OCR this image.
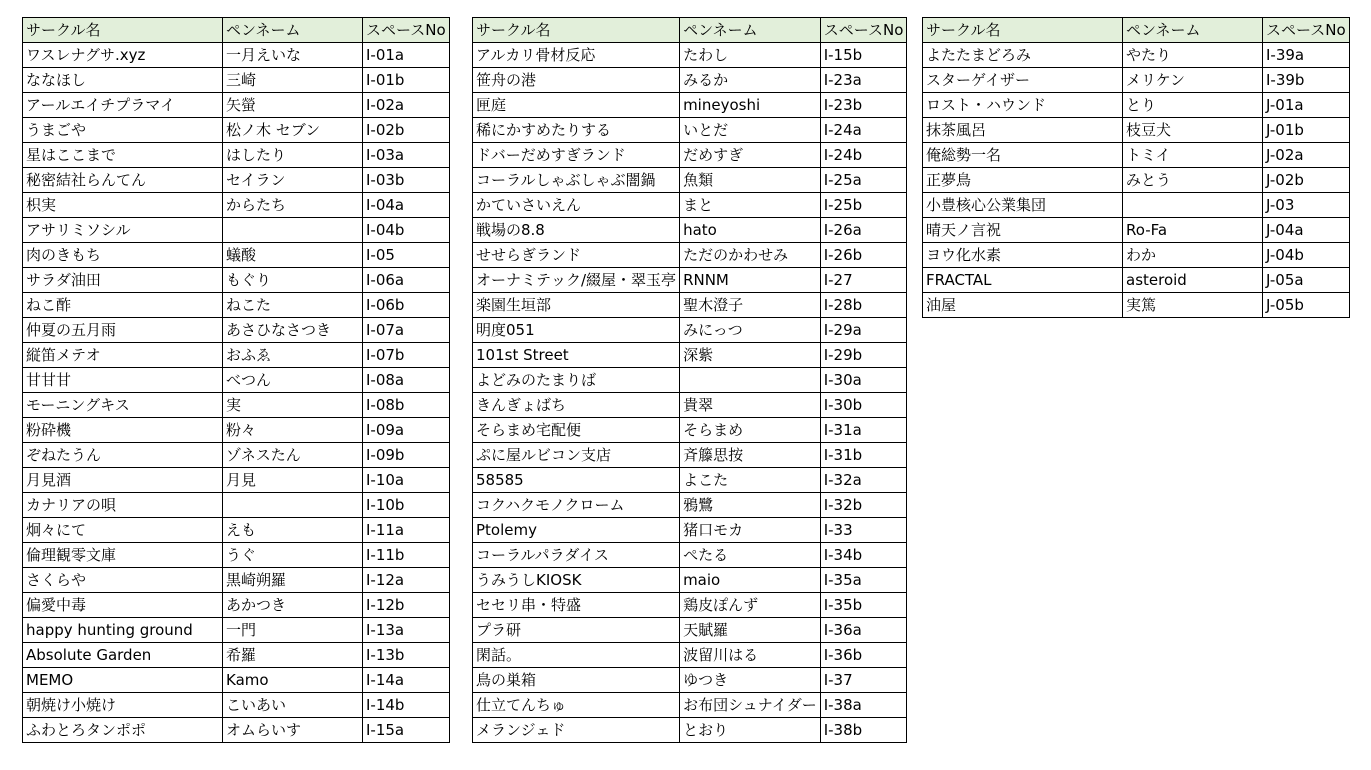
サークル名	ペンネーム	スペースNo
ワスレナグサ.xyz	一月えいな	I-01a
ななほし	三崎	I-01b
アールエイチプラマイ	矢螢	I-02a
うまごや	松ノ木 セブン	I-02b
星はここまで	はしたり	I-03a
秘密結社らんてん	セイラン	I-03b
枳実	からたち	I-04a
アサリミソシル		I-04b
肉のきもち	蟻酸	I-05
サラダ油田	もぐり	I-06a
ねこ酢	ねこた	I-06b
仲夏の五月雨	あさひなさつき	I-07a
縦笛メテオ	おふゑ	I-07b
甘甘甘	べつん	I-08a
モーニングキス	実	I-08b
粉砕機	粉々	I-09a
ぞねたうん	ゾネスたん	I-09b
月見酒	月見	I-10a
カナリアの唄		I-10b
炯々にて	えも	I-11a
倫理観零文庫	うぐ	I-11b
さくらや	黒崎朔羅	I-12a
偏愛中毒	あかつき	I-12b
happy hunting ground	一門	I-13a
Absolute Garden	希羅	I-13b
MEMO	Kamo	I-14a
朝焼け小焼け	こいあい	I-14b
ふわとろタンポポ	オムらいす	I-15a
サークル名	ペンネーム	スペースNo
アルカリ骨材反応	たわし	I-15b
笹舟の港	みるか	I-23a
匣庭	mineyoshi	I-23b
稀にかすめたりする	いとだ	I-24a
ドバーだめすぎランド	だめすぎ	I-24b
コーラルしゃぶしゃぶ闇鍋	魚類	I-25a
かていさいえん	まと	I-25b
戦場の8.8	hato	I-26a
せせらぎランド	ただのかわせみ	I-26b
オーナミテック/綴屋・翠玉亭	RNNM	I-27
楽園生垣部	聖木澄子	I-28b
明度051	みにっつ	I-29a
101st Street	深紫	I-29b
よどみのたまりば		I-30a
きんぎょばち	貴翠	I-30b
そらまめ宅配便	そらまめ	I-31a
ぷに屋ルビコン支店	斉籐思按	I-31b
58585	よこた	I-32a
コクハクモノクローム	鴉鷺	I-32b
Ptolemy	猪口モカ	I-33
コーラルパラダイス	ぺたる	I-34b
うみうしKIOSK	maio	I-35a
セセリ串・特盛	鶏皮ぽんず	I-35b
プラ研	天賦羅	I-36a
閑話。	波留川はる	I-36b
鳥の巣箱	ゆつき	I-37
仕立てんちゅ	お布団シュナイダー	I-38a
メランジェド	とおり	I-38b
サークル名	ペンネーム	スペースNo
よたたまどろみ	やたり	I-39a
スターゲイザー	メリケン	I-39b
ロスト・ハウンド	とり	J-01a
抹茶風呂	枝豆犬	J-01b
俺総勢一名	トミイ	J-02a
正夢鳥	みとう	J-02b
小豊核心公業集団		J-03
晴天ノ言祝	Ro-Fa	J-04a
ヨウ化水素	わか	J-04b
FRACTAL	asteroid	J-05a
油屋	実篤	J-05b
